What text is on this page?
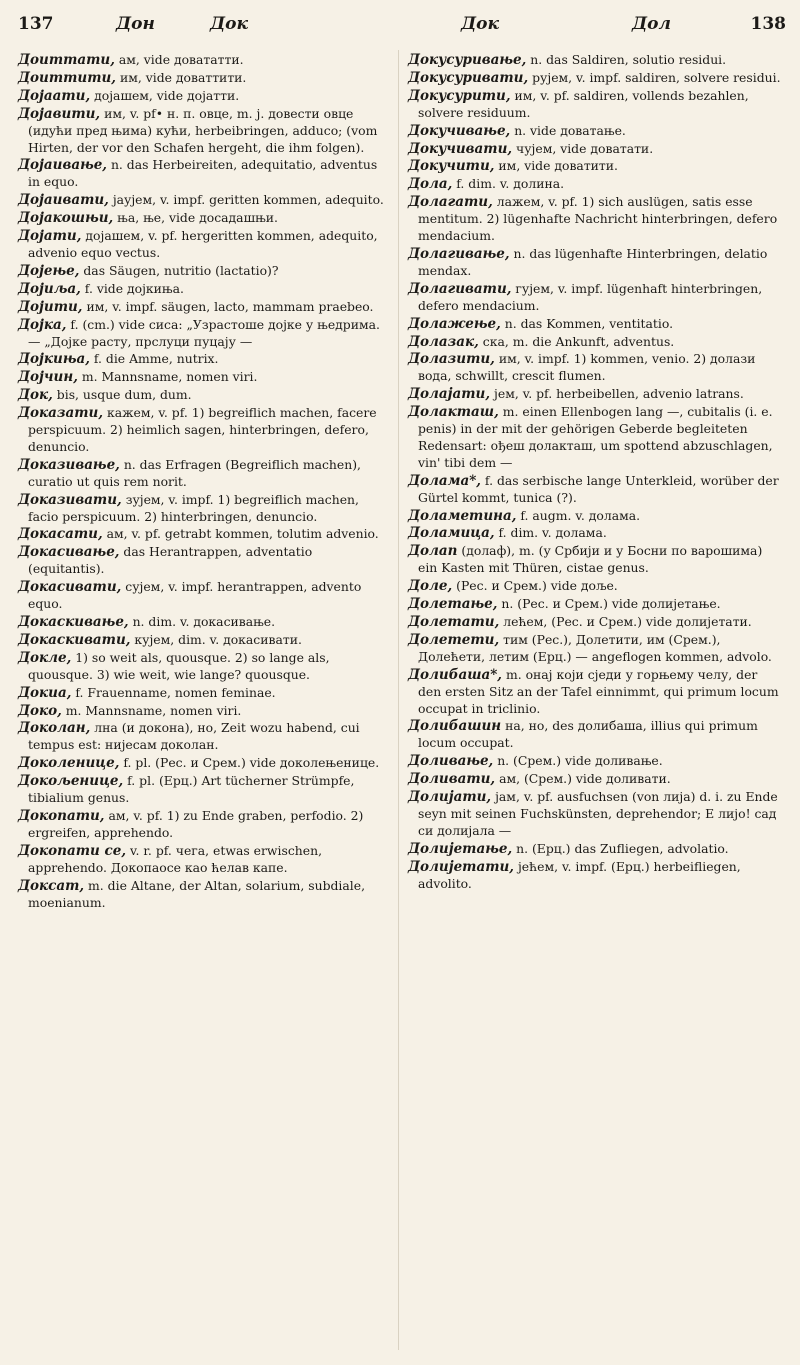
137	Дон	Док	Док	Дол	138

Доиттати, ам, vide довататти.

Доиттити, им, vide доваттити.

Доjаати, доjашем, vide доjатти.

Доjавити, им, v. pf• н. п. овце, m. j. довести овце (идући пред њима) кући, herbeibringen, adduco; (vom Hirten, der vor den Schafen hergeht, die ihm folgen).

Доjаивање, n. das Herbeireiten, adequitatio, adventus in equo.

Доjаивати, јаујем, v. impf. geritten kommen, adequito.

Доjакошњи, ња, ње, vide досадашњи.

Доjати, доjашем, v. pf. hergeritten kommen, adequito, advenio equo vectus.

Доjење, das Säugen, nutritio (lactatio)?

Доjиља, f. vide дојкиња.

Доjити, им, v. impf. säugen, lacto, mammam praebeo.

Доjка, f. (cm.) vide сиса: „Узрастоше дојке у њедрима. — „Дојке расту, прслуци пуцају —

Доjкиња, f. die Amme, nutrix.

Доjчин, m. Mannsname, nomen viri.

Док, bis, usque dum, dum.

Доказати, кажем, v. pf. 1) begreiflich machen, facere perspicuum. 2) heimlich sagen, hinterbringen, defero, denuncio.

Доказивање, n. das Erfragen (Begreiflich machen), curatio ut quis rem norit.

Доказивати, зујем, v. impf. 1) begreiflich machen, facio perspicuum. 2) hinterbringen, denuncio.

Докасати, ам, v. pf. getrabt kommen, tolutim advenio.

Докасивање, das Herantrappen, adventatio (equitantis).

Докасивати, сујем, v. impf. herantrappen, advento equo.

Докаскивање, n. dim. v. докасивање.

Докаскивати, кујем, dim. v. докасивати.

Докле, 1) so weit als, quousque. 2) so lange als, quousque. 3) wie weit, wie lange? quousque.

Докиа, f. Frauenname, nomen feminae.

Доко, m. Mannsname, nomen viri.

Доколан, лна (и докона), но, Zeit wozu habend, cui tempus est: нијесам доколан.

Доколенице, f. pl. (Рес. и Срем.) vide доколењенице.

Докољенице, f. pl. (Ерц.) Art tücherner Strümpfe, tibialium genus.

Докопати, ам, v. pf. 1) zu Ende graben, perfodio. 2) ergreifen, apprehendo.

Докопати се, v. r. pf. чега, etwas erwischen, apprehendo. Докопаосе као ћелав капе.

Доксат, m. die Altane, der Altan, solarium, subdiale, moenianum.

Докусуривање, n. das Saldiren, solutio residui.

Докусуривати, рујем, v. impf. saldiren, solvere residui.

Докусурити, им, v. pf. saldiren, vollends bezahlen, solvere residuum.

Докучивање, n. vide доватање.

Докучивати, чујем, vide доватати.

Докучити, им, vide доватити.

Дола, f. dim. v. долина.

Долагати, лажем, v. pf. 1) sich auslügen, satis esse mentitum. 2) lügenhafte Nachricht hinterbringen, defero mendacium.

Долагивање, n. das lügenhafte Hinterbringen, delatio mendax.

Долагивати, гујем, v. impf. lügenhaft hinterbringen, defero mendacium.

Долажење, n. das Kommen, ventitatio.

Долазак, ска, m. die Ankunft, adventus.

Долазити, им, v. impf. 1) kommen, venio. 2) долази вода, schwillt, crescit flumen.

Долајати, јем, v. pf. herbeibellen, advenio latrans.

Долакташ, m. einen Ellenbogen lang —, cubitalis (i. e. penis) in der mit der gehörigen Geberde begleiteten Redensart: ођеш долакташ, um spottend abzuschlagen, vin' tibi dem —

Долама*, f. das serbische lange Unterkleid, worüber der Gürtel kommt, tunica (?).

Доламетина, f. augm. v. долама.

Доламица, f. dim. v. долама.

Долап (долаф), m. (у Србији и у Босни по варошима) ein Kasten mit Thüren, cistae genus.

Доле, (Рес. и Срем.) vide доље.

Долетање, n. (Рес. и Срем.) vide долијетање.

Долетати, лећем, (Рес. и Срем.) vide долијетати.

Долетети, тим (Рес.), Долетити, им (Срем.), Долећети, летим (Ерц.) — angeflogen kommen, advolo.

Долибаша*, m. онај који сједи у горњему челу, der den ersten Sitz an der Tafel einnimmt, qui primum locum occupat in triclinio.

Долибашин на, но, des долибаша, illius qui primum locum occupat.

Доливање, n. (Срем.) vide доливање.

Доливати, ам, (Срем.) vide доливати.

Долијати, јам, v. pf. ausfuchsen (von лија) d. i. zu Ende seyn mit seinen Fuchskünsten, deprehendor; Е лијо! сад си долијала —

Долијетање, n. (Ерц.) das Zufliegen, advolatio.

Долијетати, јећем, v. impf. (Ерц.) herbeifliegen, advolito.
